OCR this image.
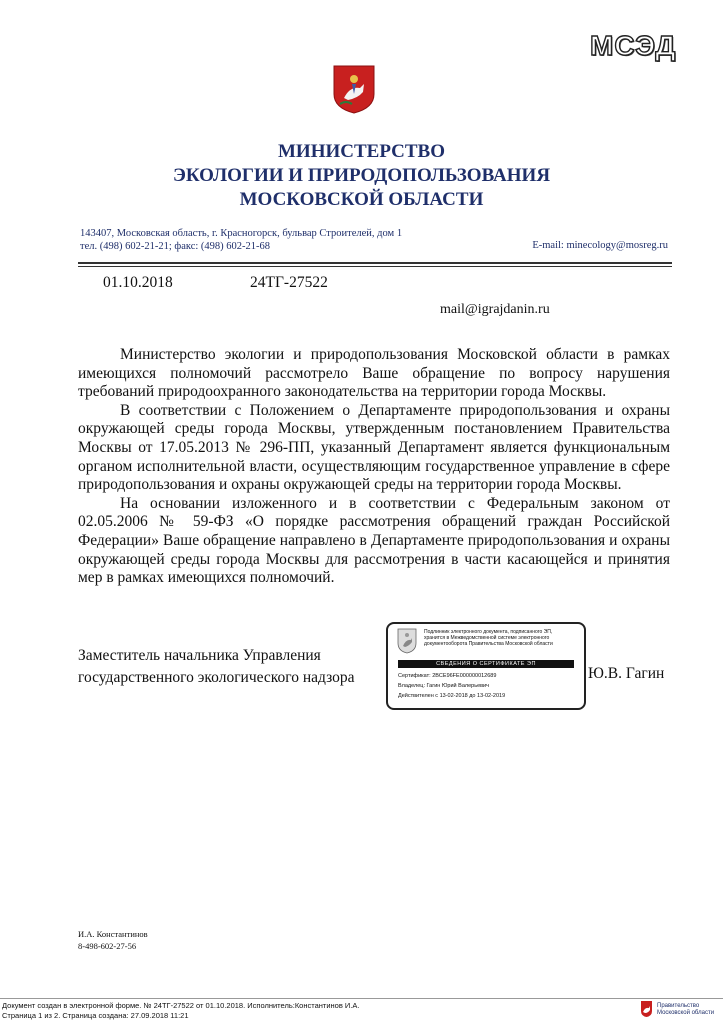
МСЭД
МИНИСТЕРСТВО
ЭКОЛОГИИ И ПРИРОДОПОЛЬЗОВАНИЯ
МОСКОВСКОЙ ОБЛАСТИ
143407, Московская область, г. Красногорск, бульвар Строителей, дом 1
тел. (498) 602-21-21; факс: (498) 602-21-68	E-mail: minecology@mosreg.ru
01.10.2018	24ТГ-27522
mail@igrajdanin.ru

Министерство экологии и природопользования Московской области в рамках имеющихся полномочий рассмотрело Ваше обращение по вопросу нарушения требований природоохранного законодательства на территории города Москвы.

В соответствии с Положением о Департаменте природопользования и охраны окружающей среды города Москвы, утвержденным постановлением Правительства Москвы от 17.05.2013 № 296-ПП, указанный Департамент является функциональным органом исполнительной власти, осуществляющим государственное управление в сфере природопользования и охраны окружающей среды на территории города Москвы.

На основании изложенного и в соответствии с Федеральным законом от 02.05.2006 № 59-ФЗ «О порядке рассмотрения обращений граждан Российской Федерации» Ваше обращение направлено в Департаменте природопользования и охраны окружающей среды города Москвы для рассмотрения в части касающейся и принятия мер в рамках имеющихся полномочий.

Заместитель начальника Управления
государственного экологического надзора	Ю.В. Гагин
Подлинник электронного документа, подписанного ЭП,
хранится в Межведомственной системе электронного
документооборота Правительства Московской области
СВЕДЕНИЯ О СЕРТИФИКАТЕ ЭП
Сертификат: 2BCE96FE000000012689
Владелец: Гагин Юрий Валерьевич
Действителен с 13-02-2018 до 13-02-2019
И.А. Константинов
8-498-602-27-56
Документ создан в электронной форме. № 24ТГ-27522 от 01.10.2018. Исполнитель:Константинов И.А.
Страница 1 из 2. Страница создана: 27.09.2018 11:21
Правительство
Московской области
